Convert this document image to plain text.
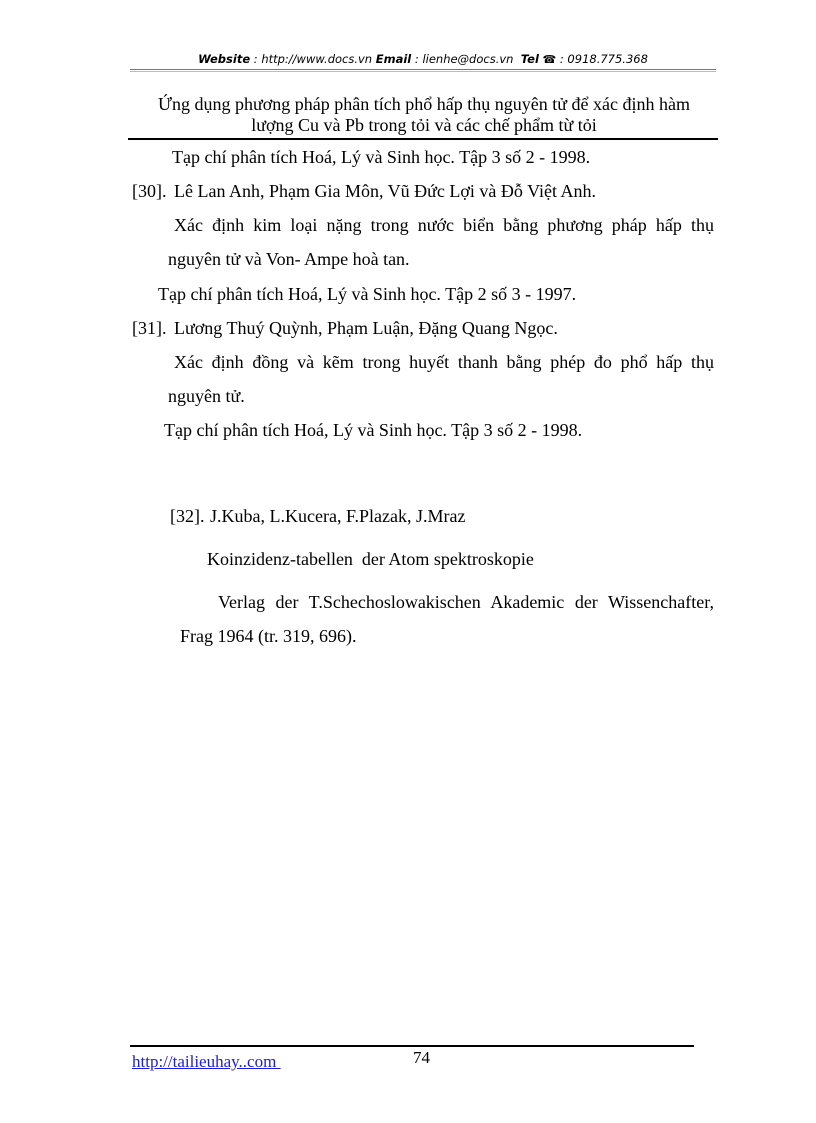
Website : http://www.docs.vn Email : lienhe@docs.vn Tel ☎ : 0918.775.368
Ứng dụng phương pháp phân tích phổ hấp thụ nguyên tử để xác định hàm
lượng Cu và Pb trong tỏi và các chế phẩm từ tỏi
Tạp chí phân tích Hoá, Lý và Sinh học. Tập 3 số 2 - 1998.
[30]. Lê Lan Anh, Phạm Gia Môn, Vũ Đức Lợi và Đỗ Việt Anh.
Xác định kim loại nặng trong nước biển bằng phương pháp hấp thụ
nguyên tử và Von- Ampe hoà tan.
Tạp chí phân tích Hoá, Lý và Sinh học. Tập 2 số 3 - 1997.
[31]. Lương Thuý Quỳnh, Phạm Luận, Đặng Quang Ngọc.
Xác định đồng và kẽm trong huyết thanh bằng phép đo phổ hấp thụ
nguyên tử.
Tạp chí phân tích Hoá, Lý và Sinh học. Tập 3 số 2 - 1998.
[32]. J.Kuba, L.Kucera, F.Plazak, J.Mraz
Koinzidenz-tabellen  der Atom spektroskopie
Verlag der T.Schechoslowakischen Akademic der Wissenchafter,
Frag 1964 (tr. 319, 696).
http://tailieuhay..com	74
